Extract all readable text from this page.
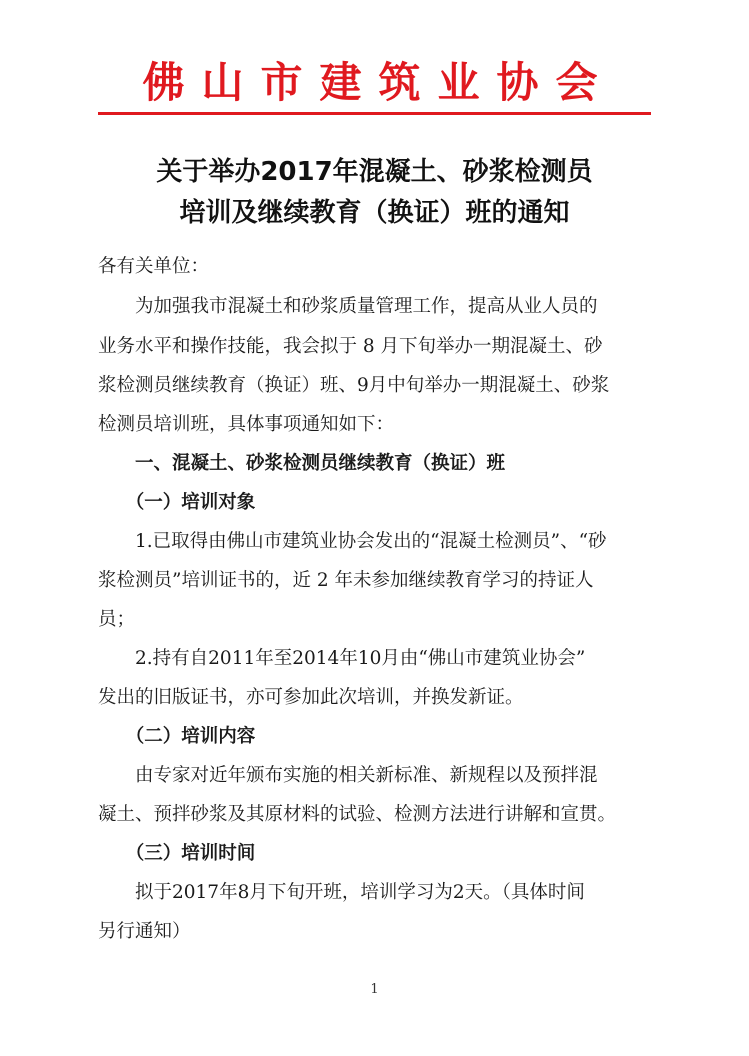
佛山市建筑业协会
关于举办2017年混凝土、砂浆检测员
培训及继续教育（换证）班的通知
各有关单位：
　　为加强我市混凝土和砂浆质量管理工作，提高从业人员的
业务水平和操作技能，我会拟于 8 月下旬举办一期混凝土、砂
浆检测员继续教育（换证）班、9月中旬举办一期混凝土、砂浆
检测员培训班，具体事项通知如下：
　　一、混凝土、砂浆检测员继续教育（换证）班
　　（一）培训对象
　　1.已取得由佛山市建筑业协会发出的“混凝土检测员”、“砂
浆检测员”培训证书的，近 2 年未参加继续教育学习的持证人
员；
　　2.持有自2011年至2014年10月由“佛山市建筑业协会”
发出的旧版证书，亦可参加此次培训，并换发新证。
　　（二）培训内容
　　由专家对近年颁布实施的相关新标准、新规程以及预拌混
凝土、预拌砂浆及其原材料的试验、检测方法进行讲解和宣贯。
　　（三）培训时间
　　拟于2017年8月下旬开班，培训学习为2天。（具体时间
另行通知）
1
